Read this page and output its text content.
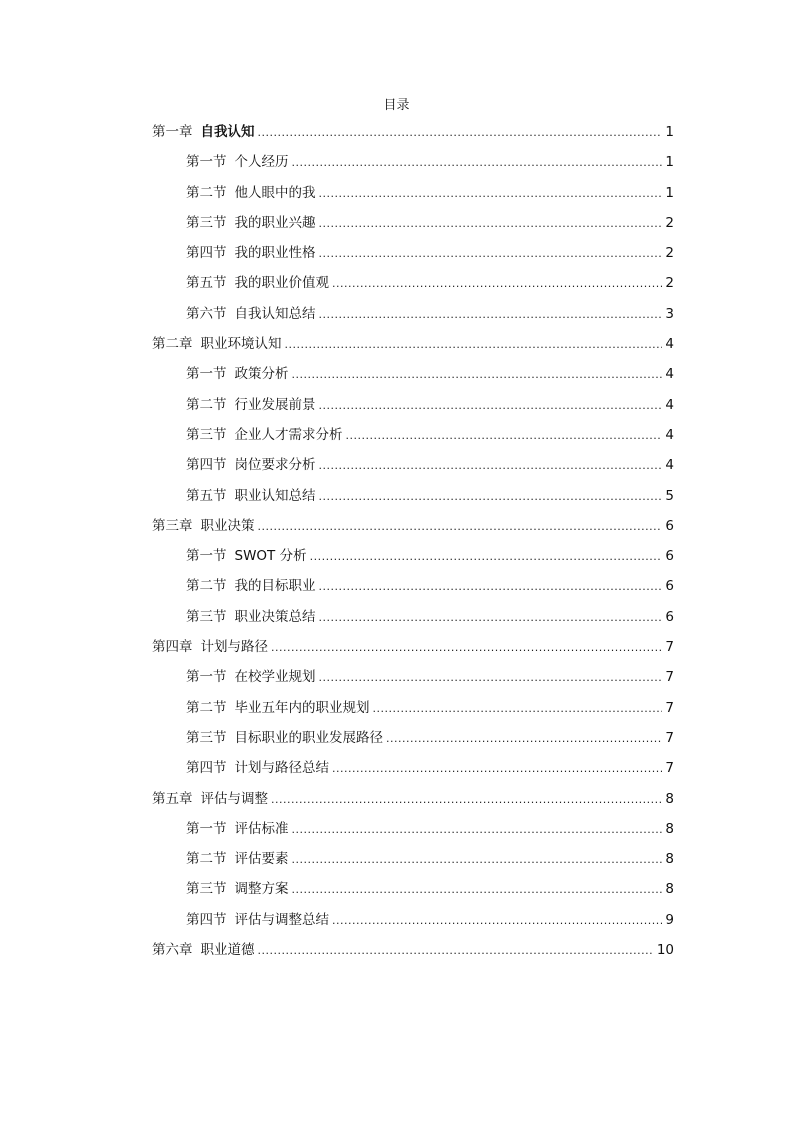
目录
第一章 自我认知 .....	1
第一节 个人经历 .....	1
第二节 他人眼中的我 .....	1
第三节 我的职业兴趣 .....	2
第四节 我的职业性格 .....	2
第五节 我的职业价值观 .....	2
第六节 自我认知总结 .....	3
第二章 职业环境认知 .....	4
第一节 政策分析 .....	4
第二节 行业发展前景 .....	4
第三节 企业人才需求分析 .....	4
第四节 岗位要求分析 .....	4
第五节 职业认知总结 .....	5
第三章 职业决策 .....	6
第一节 SWOT 分析 .....	6
第二节 我的目标职业 .....	6
第三节 职业决策总结 .....	6
第四章 计划与路径 .....	7
第一节 在校学业规划 .....	7
第二节 毕业五年内的职业规划 .....	7
第三节 目标职业的职业发展路径 .....	7
第四节 计划与路径总结 .....	7
第五章 评估与调整 .....	8
第一节 评估标准 .....	8
第二节 评估要素 .....	8
第三节 调整方案 .....	8
第四节 评估与调整总结 .....	9
第六章 职业道德 .....	10
